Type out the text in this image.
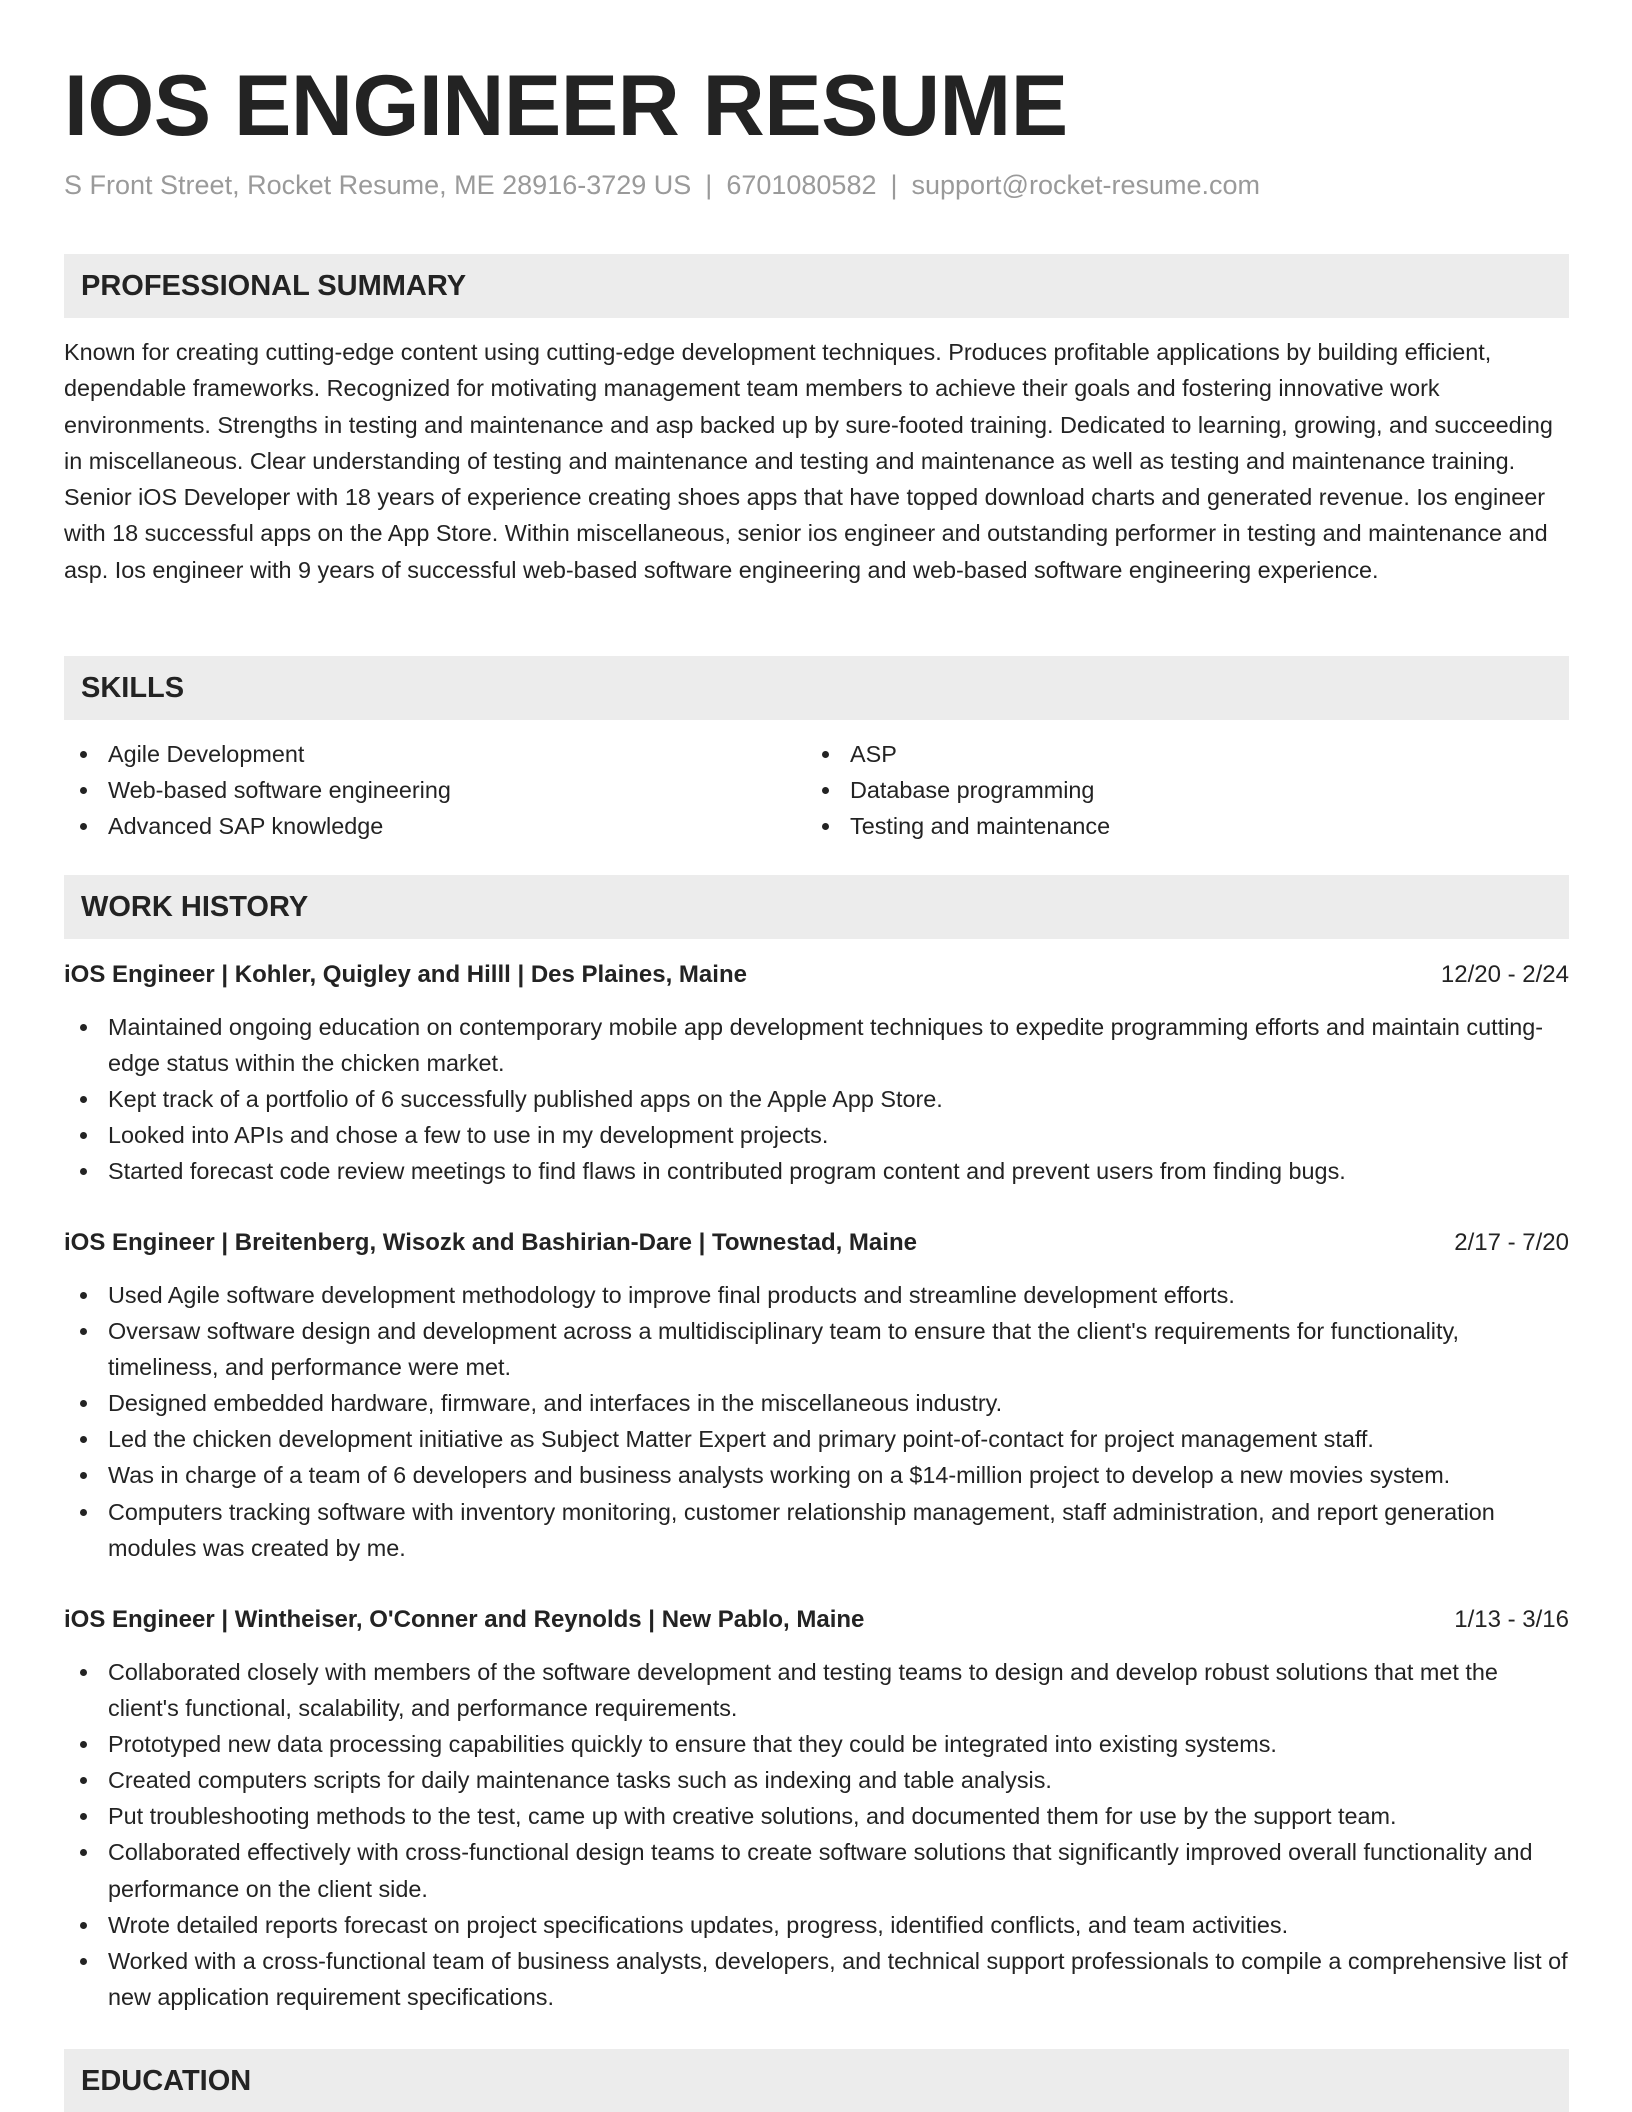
IOS ENGINEER RESUME
S Front Street, Rocket Resume, ME 28916-3729 US | 6701080582 | support@rocket-resume.com
PROFESSIONAL SUMMARY

Known for creating cutting-edge content using cutting-edge development techniques. Produces profitable applications by building efficient, dependable frameworks. Recognized for motivating management team members to achieve their goals and fostering innovative work environments. Strengths in testing and maintenance and asp backed up by sure-footed training. Dedicated to learning, growing, and succeeding in miscellaneous. Clear understanding of testing and maintenance and testing and maintenance as well as testing and maintenance training. Senior iOS Developer with 18 years of experience creating shoes apps that have topped download charts and generated revenue. Ios engineer with 18 successful apps on the App Store. Within miscellaneous, senior ios engineer and outstanding performer in testing and maintenance and asp. Ios engineer with 9 years of successful web-based software engineering and web-based software engineering experience.

SKILLS
Agile Development
Web-based software engineering
Advanced SAP knowledge
ASP
Database programming
Testing and maintenance
WORK HISTORY
iOS Engineer | Kohler, Quigley and Hilll | Des Plaines, Maine	12/20 - 2/24
Maintained ongoing education on contemporary mobile app development techniques to expedite programming efforts and maintain cutting-edge status within the chicken market.
Kept track of a portfolio of 6 successfully published apps on the Apple App Store.
Looked into APIs and chose a few to use in my development projects.
Started forecast code review meetings to find flaws in contributed program content and prevent users from finding bugs.
iOS Engineer | Breitenberg, Wisozk and Bashirian-Dare | Townestad, Maine	2/17 - 7/20
Used Agile software development methodology to improve final products and streamline development efforts.
Oversaw software design and development across a multidisciplinary team to ensure that the client's requirements for functionality, timeliness, and performance were met.
Designed embedded hardware, firmware, and interfaces in the miscellaneous industry.
Led the chicken development initiative as Subject Matter Expert and primary point-of-contact for project management staff.
Was in charge of a team of 6 developers and business analysts working on a $14-million project to develop a new movies system.
Computers tracking software with inventory monitoring, customer relationship management, staff administration, and report generation modules was created by me.
iOS Engineer | Wintheiser, O'Conner and Reynolds | New Pablo, Maine	1/13 - 3/16
Collaborated closely with members of the software development and testing teams to design and develop robust solutions that met the client's functional, scalability, and performance requirements.
Prototyped new data processing capabilities quickly to ensure that they could be integrated into existing systems.
Created computers scripts for daily maintenance tasks such as indexing and table analysis.
Put troubleshooting methods to the test, came up with creative solutions, and documented them for use by the support team.
Collaborated effectively with cross-functional design teams to create software solutions that significantly improved overall functionality and performance on the client side.
Wrote detailed reports forecast on project specifications updates, progress, identified conflicts, and team activities.
Worked with a cross-functional team of business analysts, developers, and technical support professionals to compile a comprehensive list of new application requirement specifications.
EDUCATION
